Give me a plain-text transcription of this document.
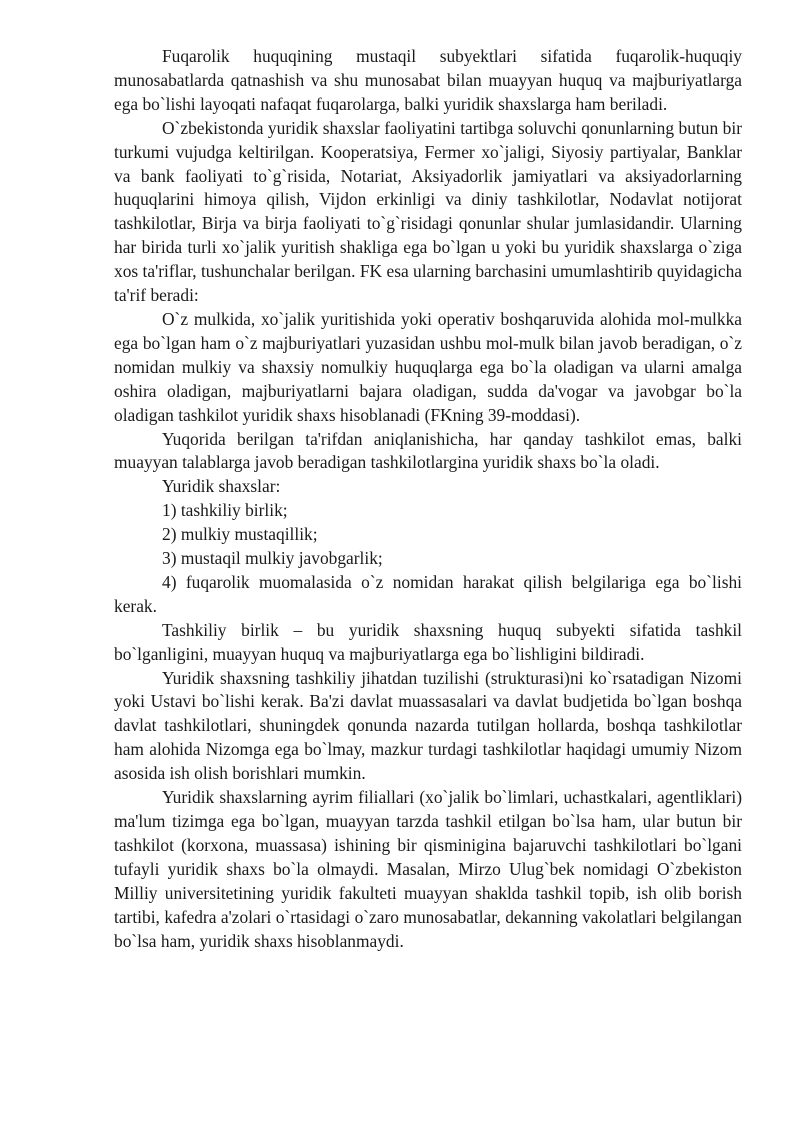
Fuqarolik huquqining mustaqil subyektlari sifatida fuqarolik-huquqiy munosabatlarda qatnashish va shu munosabat bilan muayyan huquq va majburiyatlarga ega bo`lishi layoqati nafaqat fuqarolarga, balki yuridik shaxslarga ham beriladi.

O`zbekistonda yuridik shaxslar faoliyatini tartibga soluvchi qonunlarning butun bir turkumi vujudga keltirilgan. Kooperatsiya, Fermer xo`jaligi, Siyosiy partiyalar, Banklar va bank faoliyati to`g`risida, Notariat, Aksiyadorlik jamiyatlari va aksiyadorlarning huquqlarini himoya qilish, Vijdon erkinligi va diniy tashkilotlar, Nodavlat notijorat tashkilotlar, Birja va birja faoliyati to`g`risidagi qonunlar shular jumlasidandir. Ularning har birida turli xo`jalik yuritish shakliga ega bo`lgan u yoki bu yuridik shaxslarga o`ziga xos ta'rіflar, tushunchalar berilgan. FK esa ularning barchasini umumlashtirib quyidagicha ta'rif beradi:

O`z mulkida, xo`jalik yuritishida yoki operativ boshqaruvida alohida mol-mulkka ega bo`lgan ham o`z majburiyatlari yuzasidan ushbu mol-mulk bilan javob beradigan, o`z nomidan mulkiy va shaxsiy nomulkiy huquqlarga ega bo`la oladigan va ularni amalga oshira oladigan, majburiyatlarni bajara oladigan, sudda da'vogar va javobgar bo`la oladigan tashkilot yuridik shaxs hisoblanadi (FKning 39-moddasi).

Yuqorida berilgan ta'rifdan aniqlanishicha, har qanday tashkilot emas, balki muayyan talablarga javob beradigan tashkilotlargina yuridik shaxs bo`la oladi.

Yuridik shaxslar:

1) tashkiliy birlik;

2) mulkiy mustaqillik;

3) mustaqil mulkiy javobgarlik;

4) fuqarolik muomalasida o`z nomidan harakat qilish belgilariga ega bo`lishi kerak.

Tashkiliy birlik – bu yuridik shaxsning huquq subyekti sifatida tashkil bo`lganligini, muayyan huquq va majburiyatlarga ega bo`lishligini bildiradi.

Yuridik shaxsning tashkiliy jihatdan tuzilishi (strukturasi)ni ko`rsatadigan Nizomi yoki Ustavi bo`lishi kerak. Ba'zi davlat muassasalari va davlat budjetida bo`lgan boshqa davlat tashkilotlari, shuningdek qonunda nazarda tutilgan hollarda, boshqa tashkilotlar ham alohida Nizomga ega bo`lmay, mazkur turdagi tashkilotlar haqidagi umumiy Nizom asosida ish olish borishlari mumkin.

Yuridik shaxslarning ayrim filiallari (xo`jalik bo`limlari, uchastkalari, agentliklari) ma'lum tizimga ega bo`lgan, muayyan tarzda tashkil etilgan bo`lsa ham, ular butun bir tashkilot (korxona, muassasa) ishining bir qisminigina bajaruvchi tashkilotlari bo`lgani tufayli yuridik shaxs bo`la olmaydi. Masalan, Mirzo Ulug`bek nomidagi O`zbekiston Milliy universitetining yuridik fakulteti muayyan shaklda tashkil topib, ish olib borish tartibi, kafedra a'zolari o`rtasidagi o`zaro munosabatlar, dekanning vakolatlari belgilangan bo`lsa ham, yuridik shaxs hisoblanmaydi.
